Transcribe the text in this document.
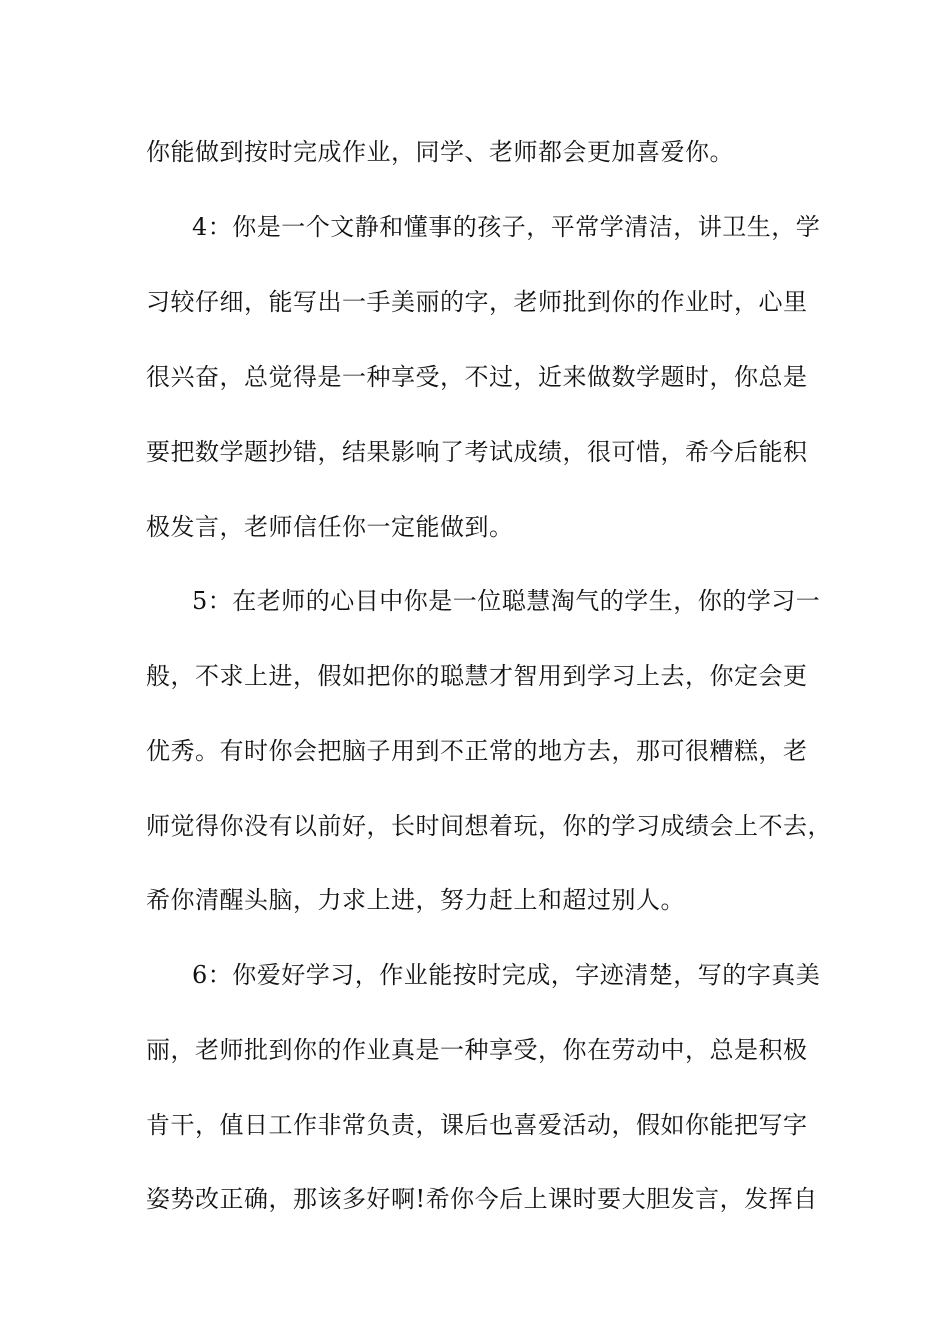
你能做到按时完成作业，同学、老师都会更加喜爱你。
4：你是一个文静和懂事的孩子，平常学清洁，讲卫生，学
习较仔细，能写出一手美丽的字，老师批到你的作业时，心里
很兴奋，总觉得是一种享受，不过，近来做数学题时，你总是
要把数学题抄错，结果影响了考试成绩，很可惜，希今后能积
极发言，老师信任你一定能做到。
5：在老师的心目中你是一位聪慧淘气的学生，你的学习一
般，不求上进，假如把你的聪慧才智用到学习上去，你定会更
优秀。有时你会把脑子用到不正常的地方去，那可很糟糕，老
师觉得你没有以前好，长时间想着玩，你的学习成绩会上不去，
希你清醒头脑，力求上进，努力赶上和超过别人。
6：你爱好学习，作业能按时完成，字迹清楚，写的字真美
丽，老师批到你的作业真是一种享受，你在劳动中，总是积极
肯干，值日工作非常负责，课后也喜爱活动，假如你能把写字
姿势改正确，那该多好啊!希你今后上课时要大胆发言，发挥自
